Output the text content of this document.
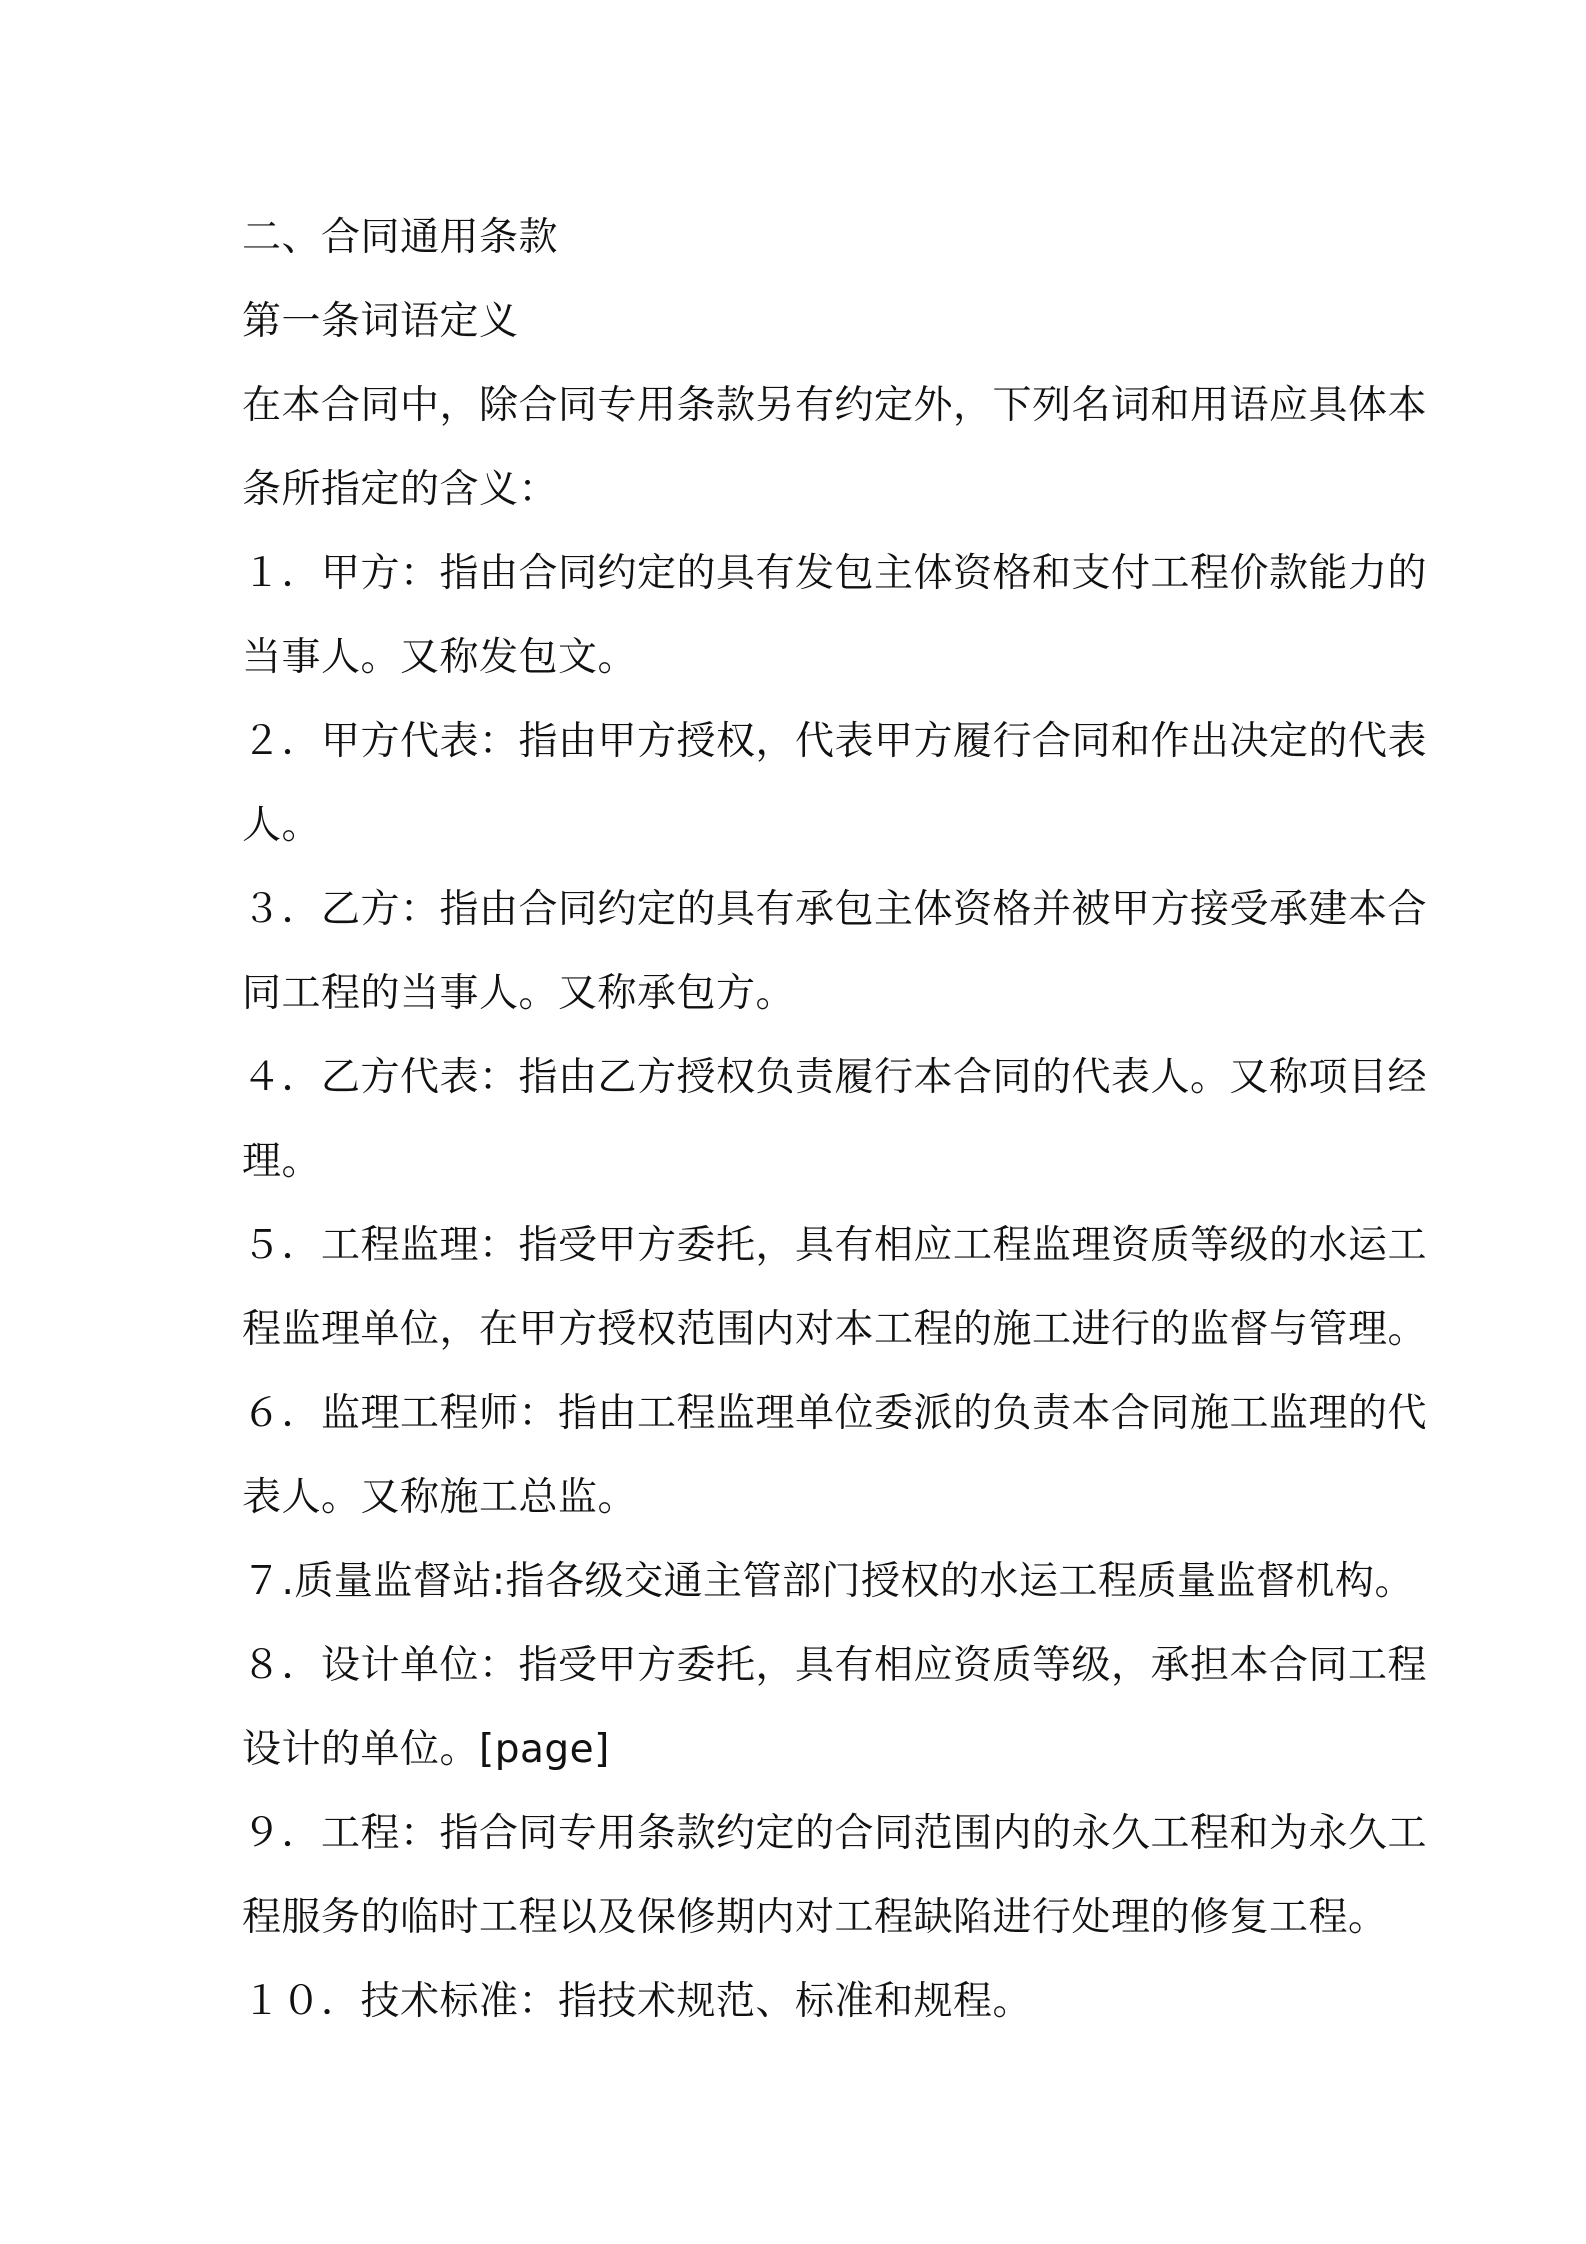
二、合同通用条款
第一条词语定义
在本合同中，除合同专用条款另有约定外，下列名词和用语应具体本
条所指定的含义：
１．甲方：指由合同约定的具有发包主体资格和支付工程价款能力的
当事人。又称发包文。
２．甲方代表：指由甲方授权，代表甲方履行合同和作出决定的代表
人。
３．乙方：指由合同约定的具有承包主体资格并被甲方接受承建本合
同工程的当事人。又称承包方。
４．乙方代表：指由乙方授权负责履行本合同的代表人。又称项目经
理。
５．工程监理：指受甲方委托，具有相应工程监理资质等级的水运工
程监理单位，在甲方授权范围内对本工程的施工进行的监督与管理。
６．监理工程师：指由工程监理单位委派的负责本合同施工监理的代
表人。又称施工总监。
７.质量监督站:指各级交通主管部门授权的水运工程质量监督机构。
８．设计单位：指受甲方委托，具有相应资质等级，承担本合同工程
设计的单位。[page]
９．工程：指合同专用条款约定的合同范围内的永久工程和为永久工
程服务的临时工程以及保修期内对工程缺陷进行处理的修复工程。
１０．技术标准：指技术规范、标准和规程。
